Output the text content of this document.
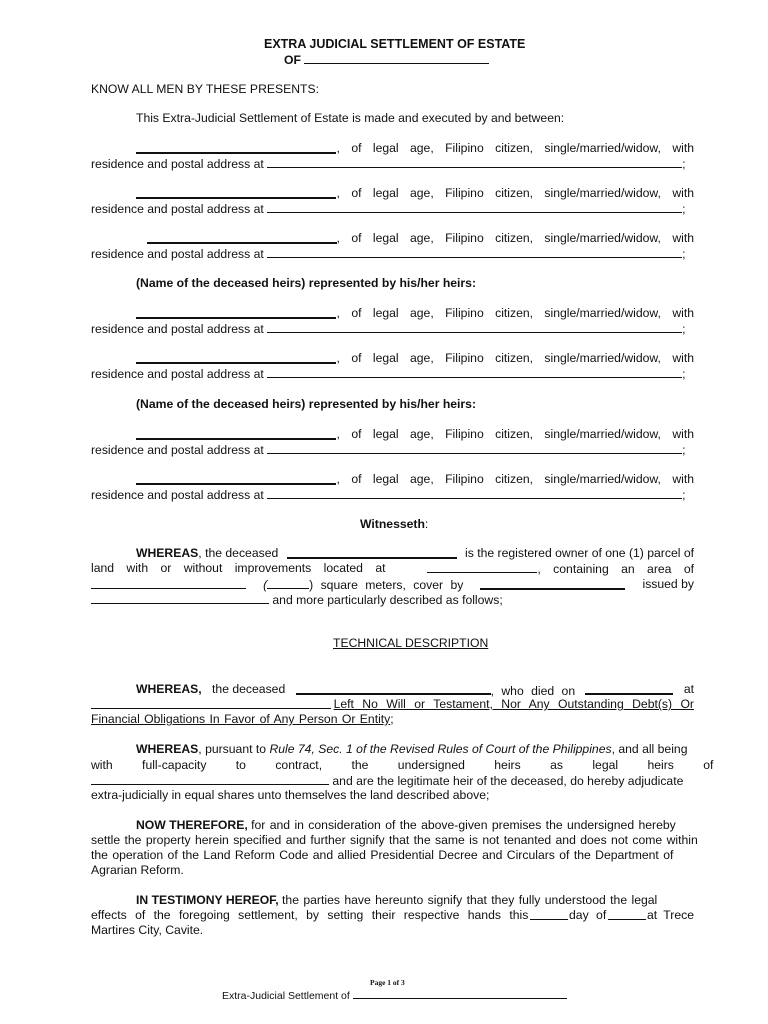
EXTRA JUDICIAL SETTLEMENT OF ESTATE
OF
KNOW ALL MEN BY THESE PRESENTS:
This Extra-Judicial Settlement of Estate is made and executed by and between:
, of legal age, Filipino citizen, single/married/widow, with
residence and postal address at	;
, of legal age, Filipino citizen, single/married/widow, with
residence and postal address at	;
, of legal age, Filipino citizen, single/married/widow, with
residence and postal address at	;
(Name of the deceased heirs) represented by his/her heirs:
, of legal age, Filipino citizen, single/married/widow, with
residence and postal address at	;
, of legal age, Filipino citizen, single/married/widow, with
residence and postal address at	;
(Name of the deceased heirs) represented by his/her heirs:
, of legal age, Filipino citizen, single/married/widow, with
residence and postal address at	;
, of legal age, Filipino citizen, single/married/widow, with
residence and postal address at	;
Witnesseth:
WHEREAS, the deceased	is the registered owner of one (1) parcel of
land with or without improvements located at	, containing an area of
(	) square meters, cover by	issued by
and more particularly described as follows;
TECHNICAL DESCRIPTION
WHEREAS, the deceased	, who died on	at
Left No Will or Testament, Nor Any Outstanding Debt(s) Or
Financial Obligations In Favor of Any Person Or Entity;
WHEREAS, pursuant to Rule 74, Sec. 1 of the Revised Rules of Court of the Philippines, and all being
with full-capacity to contract, the undersigned heirs as legal heirs of
and are the legitimate heir of the deceased, do hereby adjudicate
extra-judicially in equal shares unto themselves the land described above;
NOW THEREFORE, for and in consideration of the above-given premises the undersigned hereby
settle the property herein specified and further signify that the same is not tenanted and does not come within
the operation of the Land Reform Code and allied Presidential Decree and Circulars of the Department of
Agrarian Reform.
IN TESTIMONY HEREOF, the parties have hereunto signify that they fully understood the legal
effects of the foregoing settlement, by setting their respective hands this	day of	at Trece
Martires City, Cavite.
Page 1 of 3
Extra-Judicial Settlement of
